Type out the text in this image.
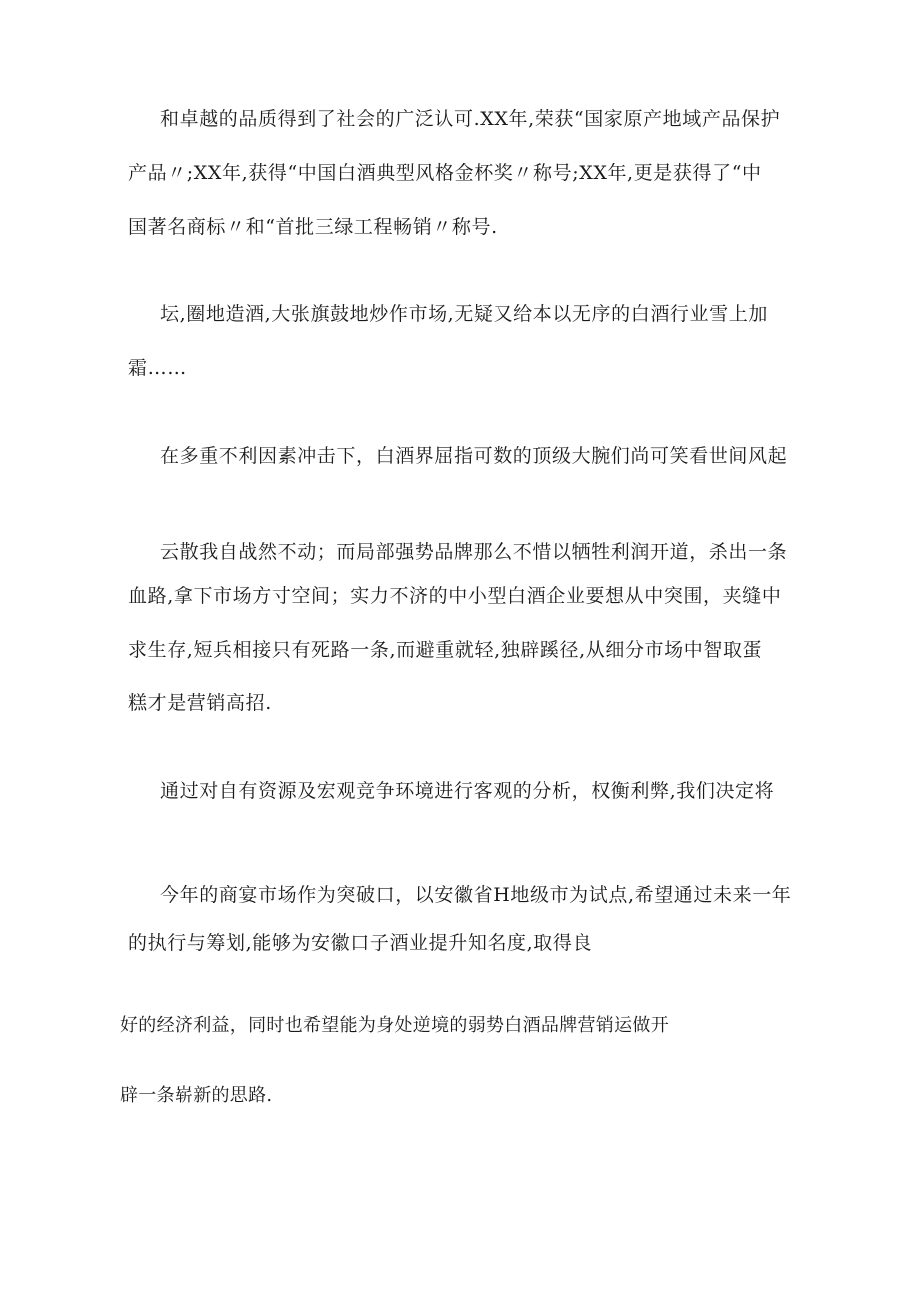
和卓越的品质得到了社会的广泛认可.XX年,荣获“国家原产地域产品保护
产品〃;XX年,获得“中国白酒典型风格金杯奖〃称号;XX年,更是获得了“中
国著名商标〃和“首批三绿工程畅销〃称号.
坛,圈地造酒,大张旗鼓地炒作市场,无疑又给本以无序的白酒行业雪上加
霜……
在多重不利因素冲击下，白酒界屈指可数的顶级大腕们尚可笑看世间风起
云散我自战然不动；而局部强势品牌那么不惜以牺牲利润开道，杀出一条
血路,拿下市场方寸空间；实力不济的中小型白酒企业要想从中突围，夹缝中
求生存,短兵相接只有死路一条,而避重就轻,独辟蹊径,从细分市场中智取蛋
糕才是营销高招.
通过对自有资源及宏观竞争环境进行客观的分析，权衡利弊,我们决定将
今年的商宴市场作为突破口，以安徽省H地级市为试点,希望通过未来一年
的执行与筹划,能够为安徽口子酒业提升知名度,取得良
好的经济利益，同时也希望能为身处逆境的弱势白酒品牌营销运做开
辟一条崭新的思路.
